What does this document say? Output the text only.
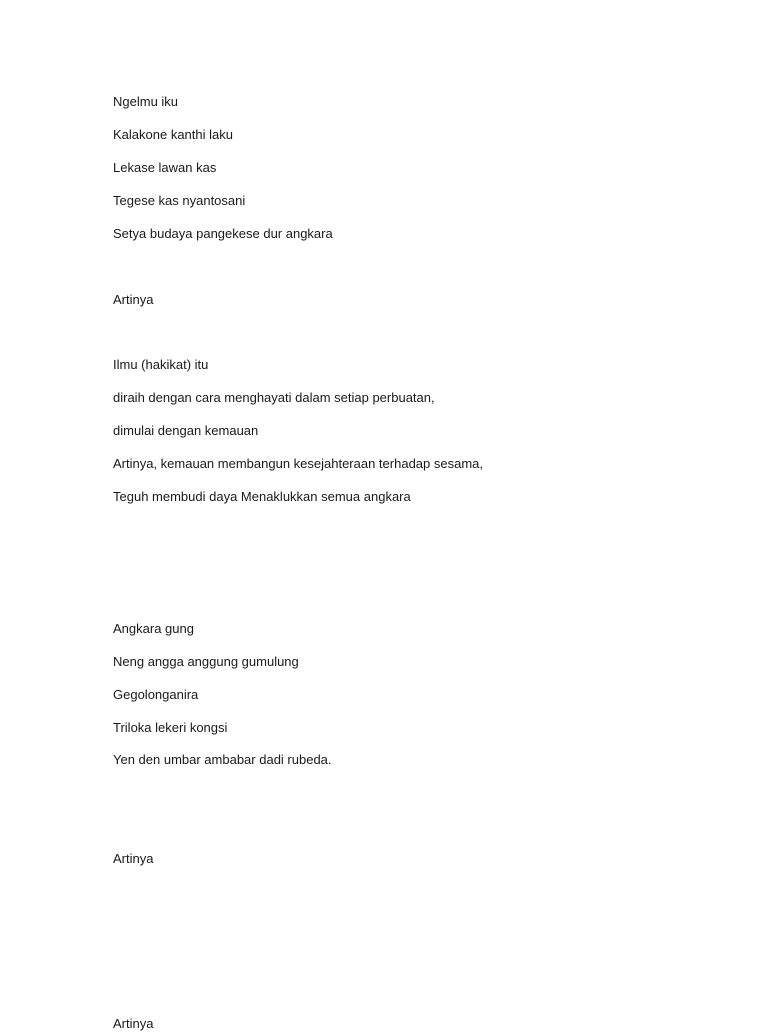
Ngelmu iku
Kalakone kanthi laku
Lekase lawan kas
Tegese kas nyantosani
Setya budaya pangekese dur angkara
Artinya
Ilmu (hakikat) itu
diraih dengan cara menghayati dalam setiap perbuatan,
dimulai dengan kemauan
Artinya, kemauan membangun kesejahteraan terhadap sesama,
Teguh membudi daya Menaklukkan semua angkara
Angkara gung
Neng angga anggung gumulung
Gegolonganira
Triloka lekeri kongsi
Yen den umbar ambabar dadi rubeda.
Artinya
Artinya
